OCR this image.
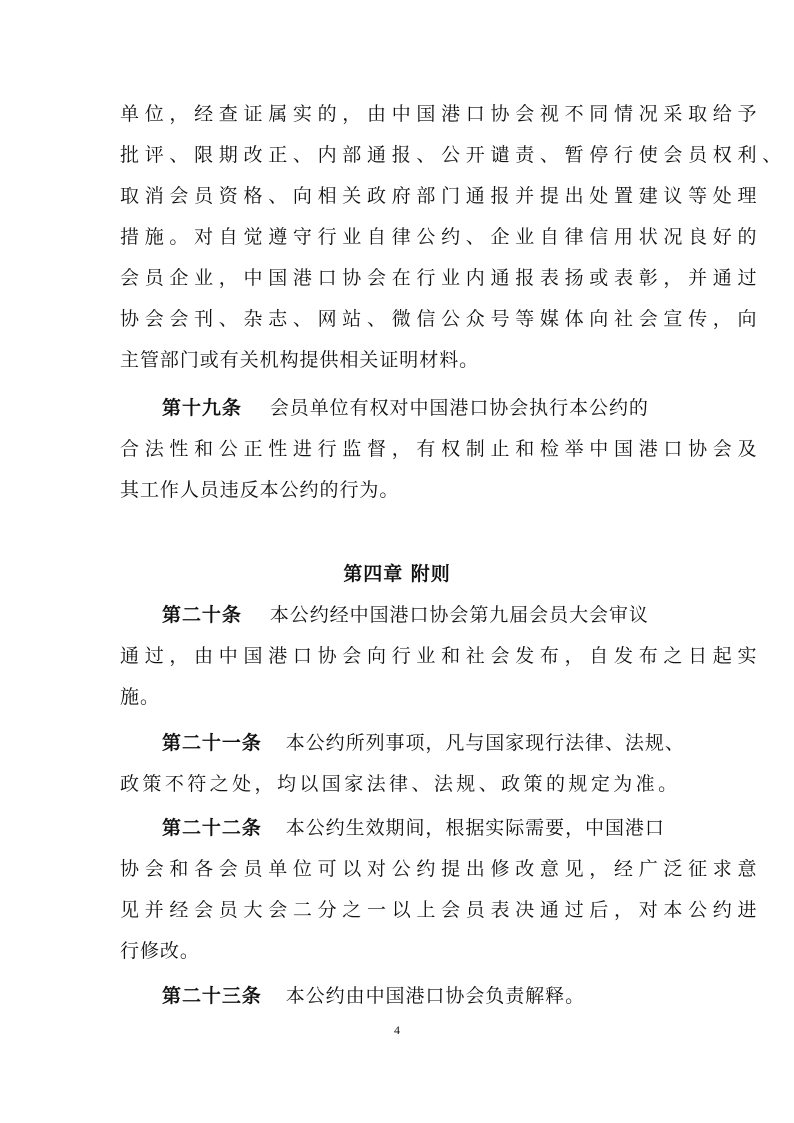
单位，经查证属实的，由中国港口协会视不同情况采取给予
批评、限期改正、内部通报、公开谴责、暂停行使会员权利、
取消会员资格、向相关政府部门通报并提出处置建议等处理
措施。对自觉遵守行业自律公约、企业自律信用状况良好的
会员企业，中国港口协会在行业内通报表扬或表彰，并通过
协会会刊、杂志、网站、微信公众号等媒体向社会宣传，向
主管部门或有关机构提供相关证明材料。
第十九条 会员单位有权对中国港口协会执行本公约的
合法性和公正性进行监督，有权制止和检举中国港口协会及
其工作人员违反本公约的行为。
第四章 附则
第二十条 本公约经中国港口协会第九届会员大会审议
通过，由中国港口协会向行业和社会发布，自发布之日起实
施。
第二十一条 本公约所列事项，凡与国家现行法律、法规、
政策不符之处，均以国家法律、法规、政策的规定为准。
第二十二条 本公约生效期间，根据实际需要，中国港口
协会和各会员单位可以对公约提出修改意见，经广泛征求意
见并经会员大会二分之一以上会员表决通过后，对本公约进
行修改。
第二十三条 本公约由中国港口协会负责解释。
4
